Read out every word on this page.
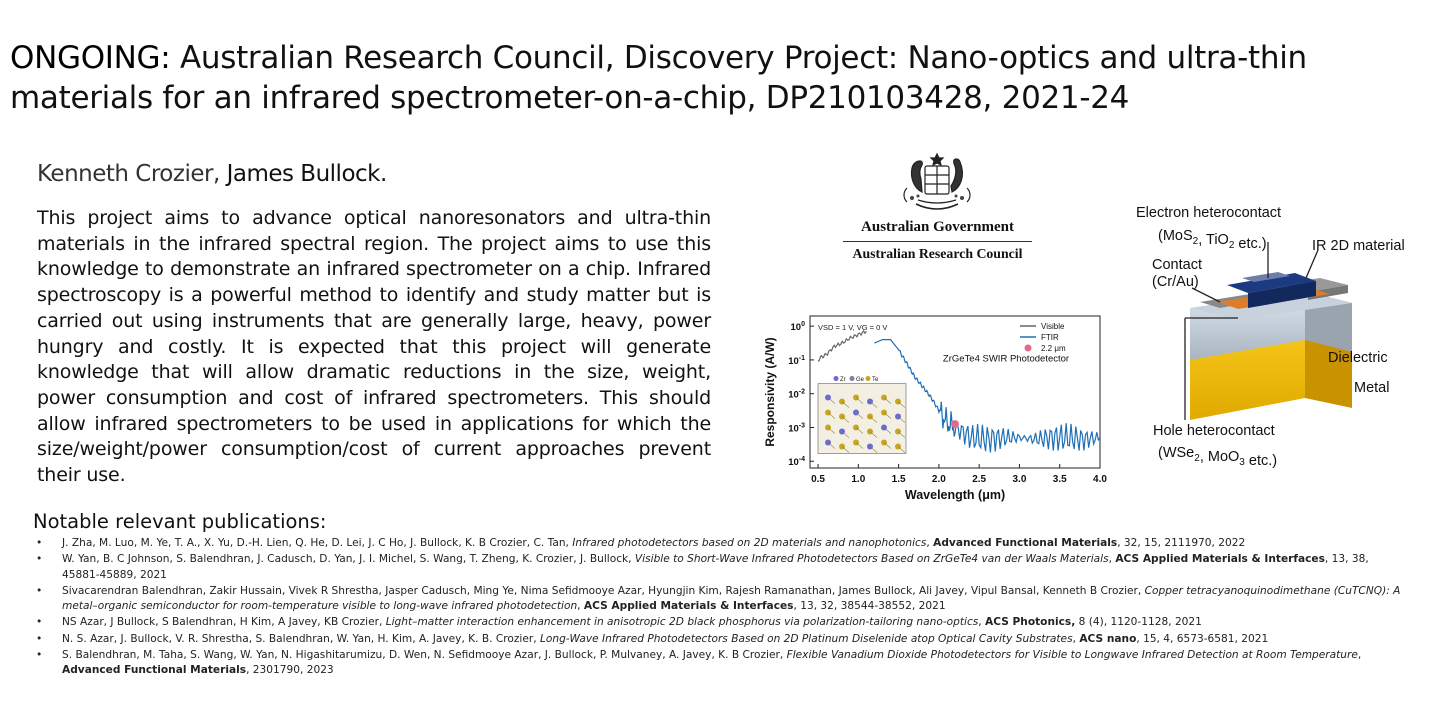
ONGOING: Australian Research Council, Discovery Project: Nano-optics and ultra-thin materials for an infrared spectrometer-on-a-chip, DP210103428, 2021-24
Kenneth Crozier, James Bullock.
This project aims to advance optical nanoresonators and ultra-thin materials in the infrared spectral region. The project aims to use this knowledge to demonstrate an infrared spectrometer on a chip. Infrared spectroscopy is a powerful method to identify and study matter but is carried out using instruments that are generally large, heavy, power hungry and costly. It is expected that this project will generate knowledge that will allow dramatic reductions in the size, weight, power consumption and cost of infrared spectrometers. This should allow infrared spectrometers to be used in applications for which the size/weight/power consumption/cost of current approaches prevent their use.
Notable relevant publications:
• J. Zha, M. Luo, M. Ye, T. A., X. Yu, D.-H. Lien, Q. He, D. Lei, J. C Ho, J. Bullock, K. B Crozier, C. Tan, Infrared photodetectors based on 2D materials and nanophotonics, Advanced Functional Materials, 32, 15, 2111970, 2022
• W. Yan, B. C Johnson, S. Balendhran, J. Cadusch, D. Yan, J. I. Michel, S. Wang, T. Zheng, K. Crozier, J. Bullock, Visible to Short-Wave Infrared Photodetectors Based on ZrGeTe4 van der Waals Materials, ACS Applied Materials & Interfaces, 13, 38, 45881-45889, 2021
• Sivacarendran Balendhran, Zakir Hussain, Vivek R Shrestha, Jasper Cadusch, Ming Ye, Nima Sefidmooye Azar, Hyungjin Kim, Rajesh Ramanathan, James Bullock, Ali Javey, Vipul Bansal, Kenneth B Crozier, Copper tetracyanoquinodimethane (CuTCNQ): A metal–organic semiconductor for room-temperature visible to long-wave infrared photodetection, ACS Applied Materials & Interfaces, 13, 32, 38544-38552, 2021
• NS Azar, J Bullock, S Balendhran, H Kim, A Javey, KB Crozier, Light–matter interaction enhancement in anisotropic 2D black phosphorus via polarization-tailoring nano-optics, ACS Photonics, 8 (4), 1120-1128, 2021
• N. S. Azar, J. Bullock, V. R. Shrestha, S. Balendhran, W. Yan, H. Kim, A. Javey, K. B. Crozier, Long-Wave Infrared Photodetectors Based on 2D Platinum Diselenide atop Optical Cavity Substrates, ACS nano, 15, 4, 6573-6581, 2021
• S. Balendhran, M. Taha, S. Wang, W. Yan, N. Higashitarumizu, D. Wen, N. Sefidmooye Azar, J. Bullock, P. Mulvaney, A. Javey, K. B Crozier, Flexible Vanadium Dioxide Photodetectors for Visible to Longwave Infrared Detection at Room Temperature, Advanced Functional Materials, 2301790, 2023
Australian Government
Australian Research Council
0.5	1.0	1.5	2.0	2.5	3.0	3.5	4.0
$10^0$
$10^{-1}$
$10^{-2}$
$10^{-3}$
$10^{-4}$
Wavelength (μm)
Responsivity (A/W)
VSD = 1 V, VG = 0 V
ZrGeTe4 SWIR Photodetector
Visible
FTIR
2.2 μm
Zr Ge Te
Electron heterocontact
(MoS$_2$, TiO$_2$ etc.)	IR 2D material
Contact
(Cr/Au)
Dielectric
Metal
Hole heterocontact
(WSe$_2$, MoO$_3$ etc.)
